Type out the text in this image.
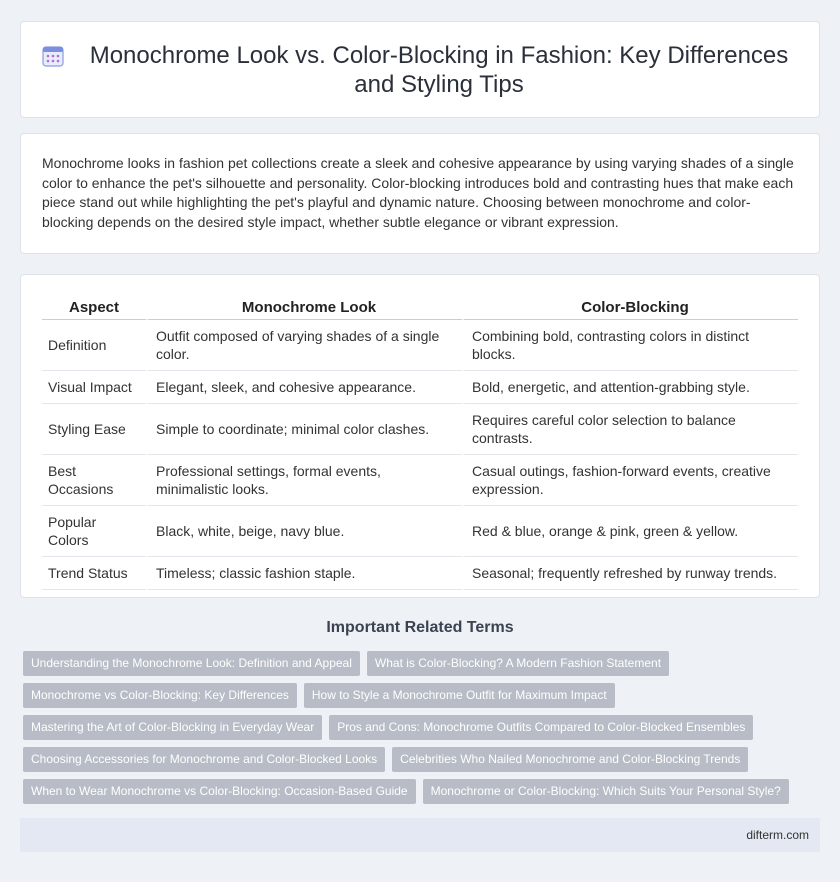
Monochrome Look vs. Color-Blocking in Fashion: Key Differences and Styling Tips

Monochrome looks in fashion pet collections create a sleek and cohesive appearance by using varying shades of a single color to enhance the pet's silhouette and personality. Color-blocking introduces bold and contrasting hues that make each piece stand out while highlighting the pet's playful and dynamic nature. Choosing between monochrome and color-blocking depends on the desired style impact, whether subtle elegance or vibrant expression.

Aspect	Monochrome Look	Color-Blocking
Definition	Outfit composed of varying shades of a single color.	Combining bold, contrasting colors in distinct blocks.
Visual Impact	Elegant, sleek, and cohesive appearance.	Bold, energetic, and attention-grabbing style.
Styling Ease	Simple to coordinate; minimal color clashes.	Requires careful color selection to balance contrasts.
Best Occasions	Professional settings, formal events, minimalistic looks.	Casual outings, fashion-forward events, creative expression.
Popular Colors	Black, white, beige, navy blue.	Red & blue, orange & pink, green & yellow.
Trend Status	Timeless; classic fashion staple.	Seasonal; frequently refreshed by runway trends.
Important Related Terms
Understanding the Monochrome Look: Definition and Appeal	What is Color-Blocking? A Modern Fashion Statement
Monochrome vs Color-Blocking: Key Differences	How to Style a Monochrome Outfit for Maximum Impact
Mastering the Art of Color-Blocking in Everyday Wear	Pros and Cons: Monochrome Outfits Compared to Color-Blocked Ensembles
Choosing Accessories for Monochrome and Color-Blocked Looks	Celebrities Who Nailed Monochrome and Color-Blocking Trends
When to Wear Monochrome vs Color-Blocking: Occasion-Based Guide	Monochrome or Color-Blocking: Which Suits Your Personal Style?
difterm.com
